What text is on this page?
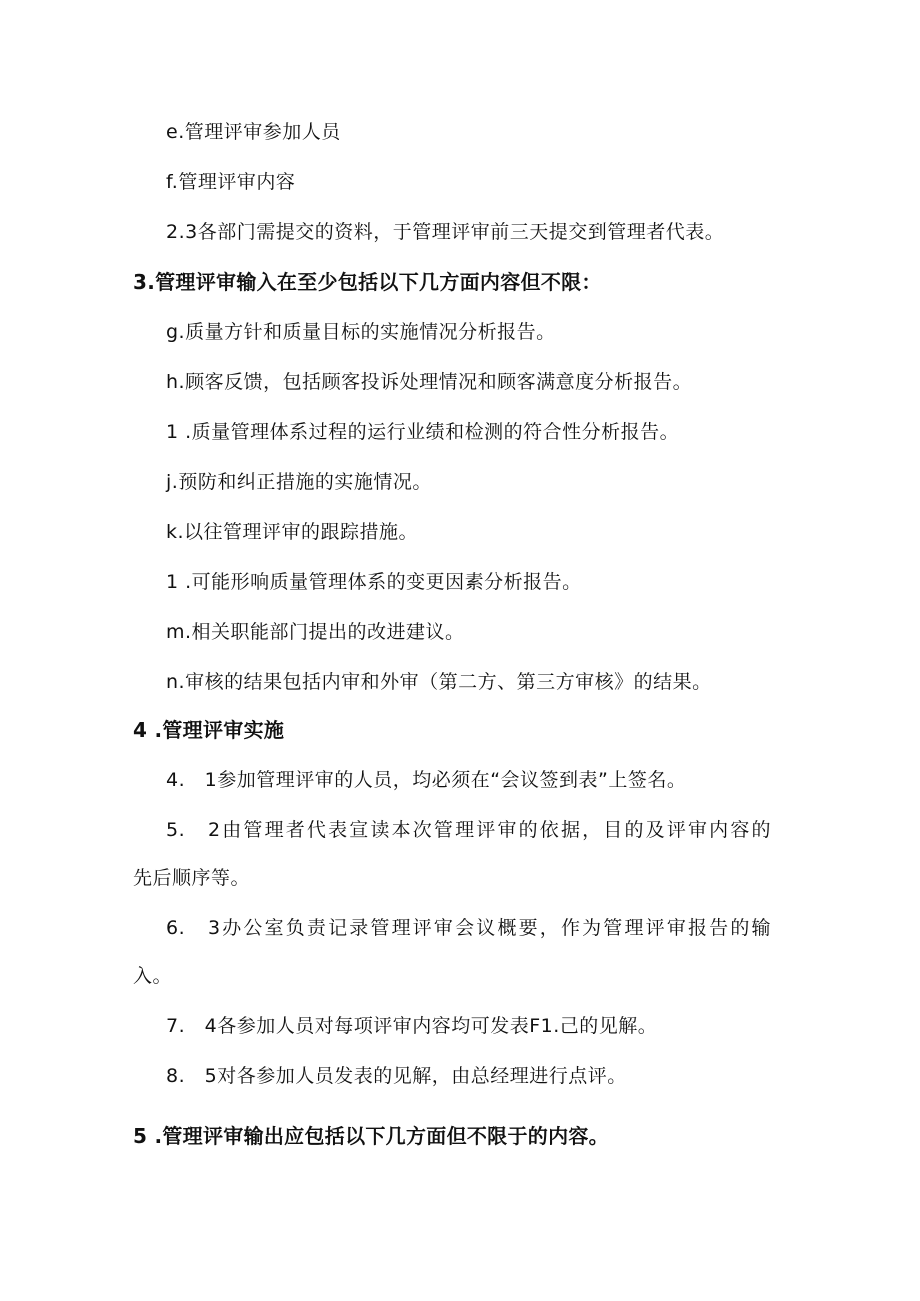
e.管理评审参加人员
f.管理评审内容
2.3各部门需提交的资料，于管理评审前三天提交到管理者代表。
3.管理评审输入在至少包括以下几方面内容但不限：
g.质量方针和质量目标的实施情况分析报告。
h.顾客反馈，包括顾客投诉处理情况和顾客满意度分析报告。
1 .质量管理体系过程的运行业绩和检测的符合性分析报告。
j.预防和纠正措施的实施情况。
k.以往管理评审的跟踪措施。
1 .可能形响质量管理体系的变更因素分析报告。
m.相关职能部门提出的改进建议。
n.审核的结果包括内审和外审（第二方、第三方审核》的结果。
4 .管理评审实施
4.　1参加管理评审的人员，均必须在“会议签到表”上签名。
5.　2由管理者代表宣读本次管理评审的依据，目的及评审内容的
先后顺序等。
6.　3办公室负责记录管理评审会议概要，作为管理评审报告的输
入。
7.　4各参加人员对每项评审内容均可发表F1.己的见解。
8.　5对各参加人员发表的见解，由总经理进行点评。
5 .管理评审输出应包括以下几方面但不限于的内容。
